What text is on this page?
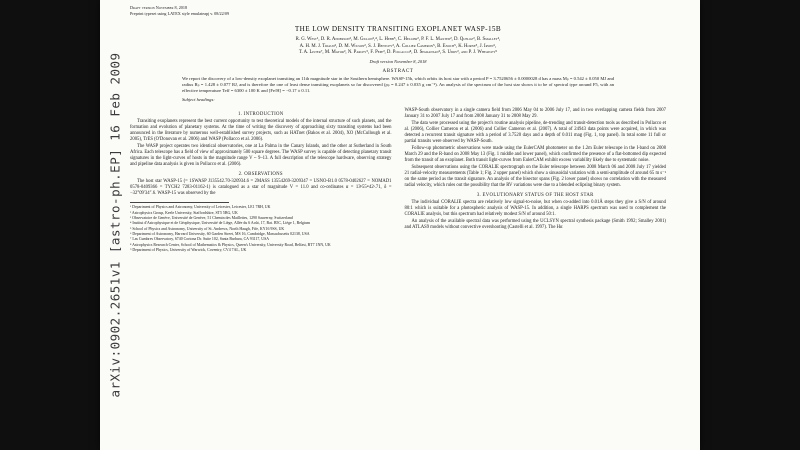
arXiv:0902.2651v1 [astro-ph.EP] 16 Feb 2009
Draft version November 8, 2018
Preprint typeset using LATEX style emulateapj v. 08/22/09
THE LOW DENSITY TRANSITING EXOPLANET WASP-15B
R. G. West¹, D. R. Anderson², M. Gillon³,⁴, L. Hebb⁵, C. Hellier², P. F. L. Maxted², D. Queloz³, B. Smalley²,
A. H. M. J. Triaud³, D. M. Wilson², S. J. Bentley², A. Collier Cameron⁵, B. Enoch⁵, K. Horne⁵, J. Irwin⁶,
T. A. Lister⁷, M. Mayor³, N. Parley⁵, F. Pepe³, D. Pollacco⁸, D. Segransan³, S. Udry³, and P. J. Wheatley⁹
Draft version November 8, 2018
ABSTRACT
We report the discovery of a low-density exoplanet transiting an 11th magnitude star in the Southern hemisphere. WASP-15b, which orbits its host star with a period P = 3.7520656 ± 0.0000028 d has a mass Mₚ = 0.542 ± 0.050 MJ and radius Rₚ = 1.428 ± 0.077 RJ, and is therefore the one of least dense transiting exoplanets so far discovered (ρₚ = 0.247 ± 0.035 g cm⁻³). An analysis of the spectrum of the host star shows it to be of spectral type around F5, with an effective temperature Teff = 6300 ± 100 K and [Fe/H] = −0.17 ± 0.11.
Subject headings:
1. INTRODUCTION

Transiting exoplanets represent the best current opportunity to test theoretical models of the internal structure of such planets, and the formation and evolution of planetary systems. At the time of writing the discovery of approaching sixty transiting systems had been announced in the literature by numerous well-established survey projects, such as HATnet (Bakos et al. 2004), XO (McCullough et al. 2005), TrES (O'Donovan et al. 2006) and WASP (Pollacco et al. 2006).

The WASP project operates two identical observatories, one at La Palma in the Canary Islands, and the other at Sutherland in South Africa. Each telescope has a field of view of approximately 500 square degrees. The WASP survey is capable of detecting planetary transit signatures in the light-curves of hosts in the magnitude range V ~ 9–13. A full description of the telescope hardware, observing strategy and pipeline data analysis is given in Pollacco et al. (2006).

2. OBSERVATIONS

The host star WASP-15 (= 1SWASP J135542.70-320934.6 = 2MASS 13554269-3209347 = USNO-B1.0 0578-0402627 = NOMAD1 0578-0409366 = TYCH2 7283-01162-1) is catalogued as a star of magnitude V = 11.0 and co-ordinates α = 13ʰ55ᵐ42ˢ.71, δ = −32°09′34″.6. WASP-15 was observed by the

¹ Department of Physics and Astronomy, University of Leicester, Leicester, LE1 7RH, UK

² Astrophysics Group, Keele University, Staffordshire, ST5 5BG, UK

³ Observatoire de Genève, Université de Genève, 51 Chemin des Maillettes, 1290 Sauverny, Switzerland

⁴ Institut d'Astrophysique et de Géophysique, Université de Liège, Allée du 6 Août, 17, Bat. B5C, Liège 1, Belgium

⁵ School of Physics and Astronomy, University of St. Andrews, North Haugh, Fife, KY16 9SS, UK

⁶ Department of Astronomy, Harvard University, 60 Garden Street, MS 16, Cambridge, Massachusetts 02138, USA

⁷ Las Cumbres Observatory, 6740 Cortona Dr. Suite 102, Santa Barbara, CA 93117, USA

⁸ Astrophysics Research Center, School of Mathematics & Physics, Queen's University, University Road, Belfast, BT7 1NN, UK

⁹ Department of Physics, University of Warwick, Coventry, CV4 7AL, UK

WASP-South observatory in a single camera field from 2006 May 04 to 2006 July 17, and in two overlapping camera fields from 2007 January 31 to 2007 July 17 and from 2008 January 31 to 2008 May 29.

The data were processed using the project's routine analysis pipeline, de-trending and transit-detection tools as described in Pollacco et al. (2006), Collier Cameron et al. (2006) and Collier Cameron et al. (2007). A total of 24943 data points were acquired, in which was detected a recurrent transit signature with a period of 3.7520 days and a depth of 0.011 mag (Fig. 1, top panel). In total some 11 full or partial transits were observed by WASP-South.

Follow-up photometric observations were made using the EulerCAM photometer on the 1.2m Euler telescope in the I-band on 2008 March 29 and the R-band on 2008 May 13 (Fig. 1 middle and lower panel), which confirmed the presence of a flat-bottomed dip expected from the transit of an exoplanet. Both transit light-curves from EulerCAM exhibit excess variability likely due to systematic noise.

Subsequent observations using the CORALIE spectrograph on the Euler telescope between 2008 March 06 and 2008 July 17 yielded 21 radial-velocity measurements (Table 1; Fig. 2 upper panel) which show a sinusoidal variation with a semi-amplitude of around 65 m s⁻¹ on the same period as the transit signature. An analysis of the bisector spans (Fig. 2 lower panel) shows no correlation with the measured radial velocity, which rules out the possibility that the RV variations were due to a blended eclipsing binary system.

3. EVOLUTIONARY STATUS OF THE HOST STAR

The individual CORALIE spectra are relatively low signal-to-noise, but when co-added into 0.01Å steps they give a S/N of around 80:1 which is suitable for a photospheric analysis of WASP-15. In addition, a single HARPS spectrum was used to complement the CORALIE analysis, but this spectrum had relatively modest S/N of around 50:1.

An analysis of the available spectral data was performed using the UCLSYN spectral synthesis package (Smith 1992; Smalley 2001) and ATLAS9 models without convective overshooting (Castelli et al. 1997). The Hα
